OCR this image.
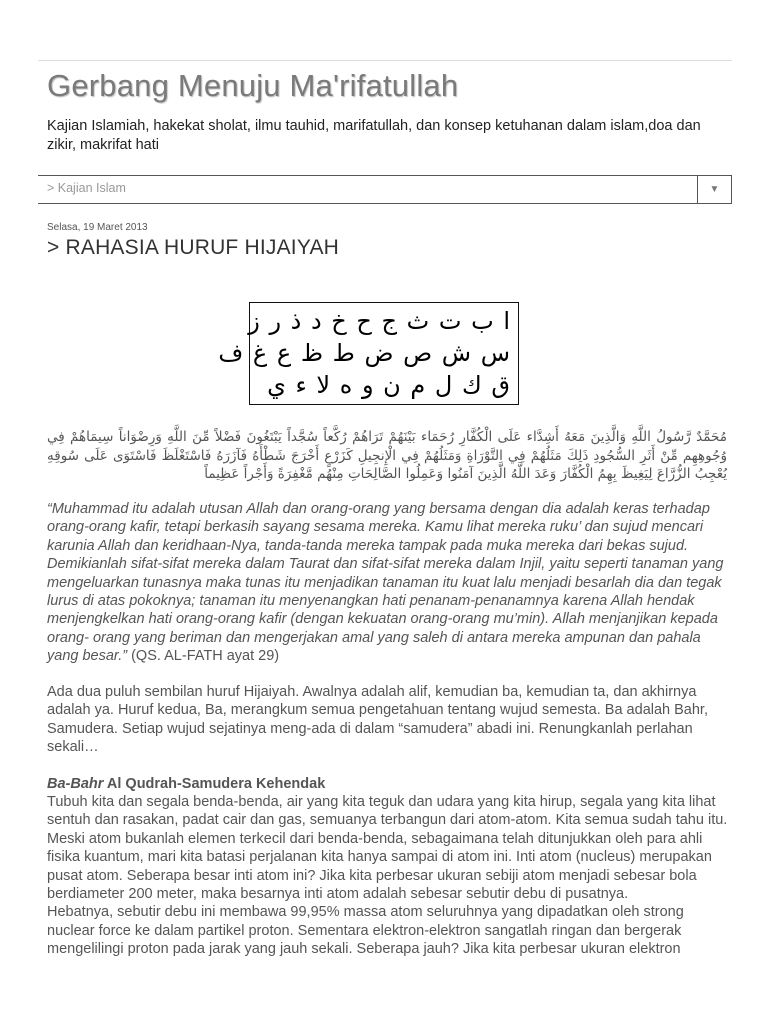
Gerbang Menuju Ma'rifatullah
Kajian Islamiah, hakekat sholat, ilmu tauhid, marifatullah, dan konsep ketuhanan dalam islam,doa dan zikir, makrifat hati
> Kajian Islam	▼
Selasa, 19 Maret 2013
> RAHASIA HURUF HIJAIYAH
ا ب ت ث ج ح خ د ذ ر ز
س ش ص ض ط ظ ع غ ف
ق ك ل م ن و ه لا ء ي
مُحَمَّدٌ رَّسُولُ اللَّهِ وَالَّذِينَ مَعَهُ أَشِدَّاء عَلَى الْكُفَّارِ رُحَمَاء بَيْنَهُمْ تَرَاهُمْ رُكَّعاً سُجَّداً يَبْتَغُونَ فَضْلاً مِّنَ اللَّهِ وَرِضْوَاناً سِيمَاهُمْ فِي وُجُوهِهِم مِّنْ أَثَرِ السُّجُودِ ذَلِكَ مَثَلُهُمْ فِي التَّوْرَاةِ وَمَثَلُهُمْ فِي الْإِنجِيلِ كَزَرْعٍ أَخْرَجَ شَطْأَهُ فَآزَرَهُ فَاسْتَغْلَظَ فَاسْتَوَى عَلَى سُوقِهِ يُعْجِبُ الزُّرَّاعَ لِيَغِيظَ بِهِمُ الْكُفَّارَ وَعَدَ اللَّهُ الَّذِينَ آمَنُوا وَعَمِلُوا الصَّالِحَاتِ مِنْهُم مَّغْفِرَةً وَأَجْراً عَظِيماً
“Muhammad itu adalah utusan Allah dan orang-orang yang bersama dengan dia adalah keras terhadap orang-orang kafir, tetapi berkasih sayang sesama mereka. Kamu lihat mereka ruku’ dan sujud mencari karunia Allah dan keridhaan-Nya, tanda-tanda mereka tampak pada muka mereka dari bekas sujud. Demikianlah sifat-sifat mereka dalam Taurat dan sifat-sifat mereka dalam Injil, yaitu seperti tanaman yang mengeluarkan tunasnya maka tunas itu menjadikan tanaman itu kuat lalu menjadi besarlah dia dan tegak lurus di atas pokoknya; tanaman itu menyenangkan hati penanam-penanamnya karena Allah hendak menjengkelkan hati orang-orang kafir (dengan kekuatan orang-orang mu’min). Allah menjanjikan kepada orang- orang yang beriman dan mengerjakan amal yang saleh di antara mereka ampunan dan pahala yang besar.” (QS. AL-FATH ayat 29)
Ada dua puluh sembilan huruf Hijaiyah. Awalnya adalah alif, kemudian ba, kemudian ta, dan akhirnya adalah ya. Huruf kedua, Ba, merangkum semua pengetahuan tentang wujud semesta. Ba adalah Bahr, Samudera. Setiap wujud sejatinya meng-ada di dalam “samudera” abadi ini. Renungkanlah perlahan sekali…
Ba-Bahr Al Qudrah-Samudera Kehendak

Tubuh kita dan segala benda-benda, air yang kita teguk dan udara yang kita hirup, segala yang kita lihat sentuh dan rasakan, padat cair dan gas, semuanya terbangun dari atom-atom. Kita semua sudah tahu itu. Meski atom bukanlah elemen terkecil dari benda-benda, sebagaimana telah ditunjukkan oleh para ahli fisika kuantum, mari kita batasi perjalanan kita hanya sampai di atom ini. Inti atom (nucleus) merupakan pusat atom. Seberapa besar inti atom ini? Jika kita perbesar ukuran sebiji atom menjadi sebesar bola berdiameter 200 meter, maka besarnya inti atom adalah sebesar sebutir debu di pusatnya.

Hebatnya, sebutir debu ini membawa 99,95% massa atom seluruhnya yang dipadatkan oleh strong nuclear force ke dalam partikel proton. Sementara elektron-elektron sangatlah ringan dan bergerak mengelilingi proton pada jarak yang jauh sekali. Seberapa jauh? Jika kita perbesar ukuran elektron
